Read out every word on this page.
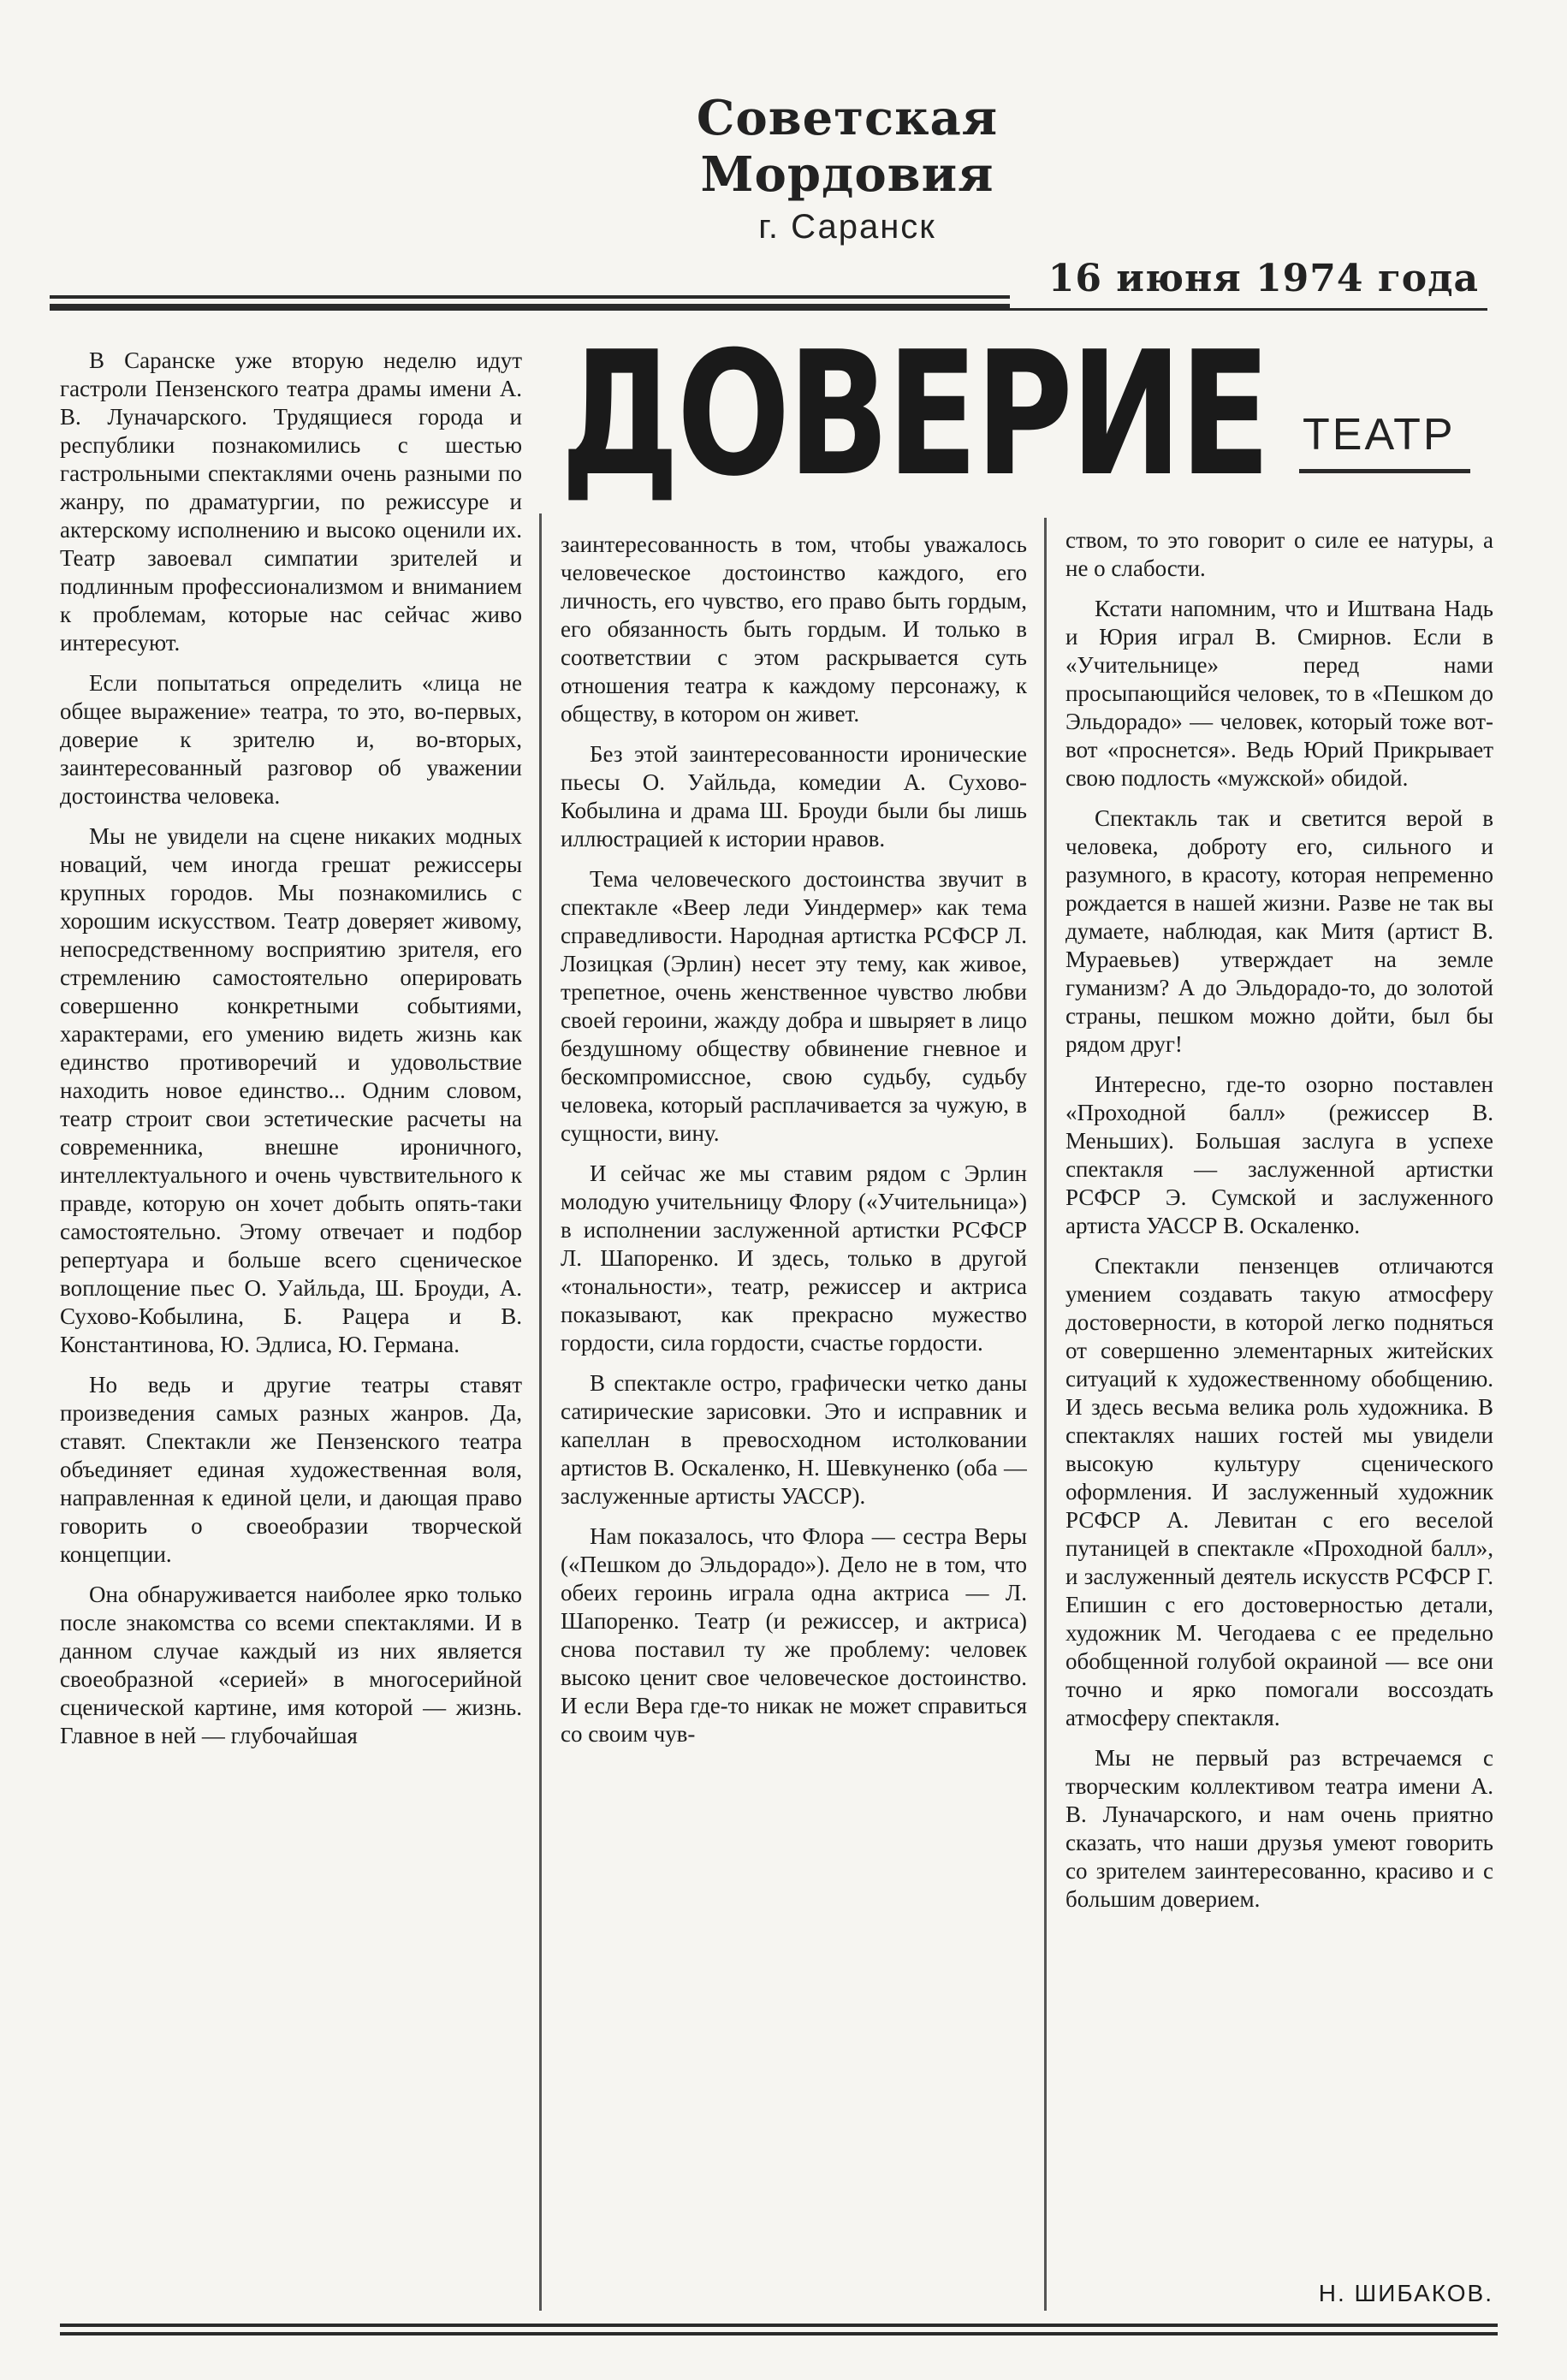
Советская Мордовия
г. Саранск
16 июня 1974 года
ДОВЕРИЕ ТЕАТР

В Саранске уже вторую неделю идут гастроли Пензенского театра драмы имени А. В. Луначарского. Трудящиеся города и республики познакомились с шестью гастрольными спектаклями очень разными по жанру, по драматургии, по режиссуре и актерскому исполнению и высоко оценили их. Театр завоевал симпатии зрителей и подлинным профессионализмом и вниманием к проблемам, которые нас сейчас живо интересуют.

Если попытаться определить «лица не общее выражение» театра, то это, во-первых, доверие к зрителю и, во-вторых, заинтересованный разговор об уважении достоинства человека.

Мы не увидели на сцене никаких модных новаций, чем иногда грешат режиссеры крупных городов. Мы познакомились с хорошим искусством. Театр доверяет живому, непосредственному восприятию зрителя, его стремлению самостоятельно оперировать совершенно конкретными событиями, характерами, его умению видеть жизнь как единство противоречий и удовольствие находить новое единство... Одним словом, театр строит свои эстетические расчеты на современника, внешне ироничного, интеллектуального и очень чувствительного к правде, которую он хочет добыть опять-таки самостоятельно. Этому отвечает и подбор репертуара и больше всего сценическое воплощение пьес О. Уайльда, Ш. Броуди, А. Сухово-Кобылина, Б. Рацера и В. Константинова, Ю. Эдлиса, Ю. Германа.

Но ведь и другие театры ставят произведения самых разных жанров. Да, ставят. Спектакли же Пензенского театра объединяет единая художественная воля, направленная к единой цели, и дающая право говорить о своеобразии творческой концепции.

Она обнаруживается наиболее ярко только после знакомства со всеми спектаклями. И в данном случае каждый из них является своеобразной «серией» в многосерийной сценической картине, имя которой — жизнь. Главное в ней — глубочайшая

заинтересованность в том, чтобы уважалось человеческое достоинство каждого, его личность, его чувство, его право быть гордым, его обязанность быть гордым. И только в соответствии с этом раскрывается суть отношения театра к каждому персонажу, к обществу, в котором он живет.

Без этой заинтересованности иронические пьесы О. Уайльда, комедии А. Сухово-Кобылина и драма Ш. Броуди были бы лишь иллюстрацией к истории нравов.

Тема человеческого достоинства звучит в спектакле «Веер леди Уиндермер» как тема справедливости. Народная артистка РСФСР Л. Лозицкая (Эрлин) несет эту тему, как живое, трепетное, очень женственное чувство любви своей героини, жажду добра и швыряет в лицо бездушному обществу обвинение гневное и бескомпромиссное, свою судьбу, судьбу человека, который расплачивается за чужую, в сущности, вину.

И сейчас же мы ставим рядом с Эрлин молодую учительницу Флору («Учительница») в исполнении заслуженной артистки РСФСР Л. Шапоренко. И здесь, только в другой «тональности», театр, режиссер и актриса показывают, как прекрасно мужество гордости, сила гордости, счастье гордости.

В спектакле остро, графически четко даны сатирические зарисовки. Это и исправник и капеллан в превосходном истолковании артистов В. Оскаленко, Н. Шевкуненко (оба — заслуженные артисты УАССР).

Нам показалось, что Флора — сестра Веры («Пешком до Эльдорадо»). Дело не в том, что обеих героинь играла одна актриса — Л. Шапоренко. Театр (и режиссер, и актриса) снова поставил ту же проблему: человек высоко ценит свое человеческое достоинство. И если Вера где-то никак не может справиться со своим чув-

ством, то это говорит о силе ее натуры, а не о слабости.

Кстати напомним, что и Иштвана Надь и Юрия играл В. Смирнов. Если в «Учительнице» перед нами просыпающийся человек, то в «Пешком до Эльдорадо» — человек, который тоже вот-вот «проснется». Ведь Юрий Прикрывает свою подлость «мужской» обидой.

Спектакль так и светится верой в человека, доброту его, сильного и разумного, в красоту, которая непременно рождается в нашей жизни. Разве не так вы думаете, наблюдая, как Митя (артист В. Мураевьев) утверждает на земле гуманизм? А до Эльдорадо-то, до золотой страны, пешком можно дойти, был бы рядом друг!

Интересно, где-то озорно поставлен «Проходной балл» (режиссер В. Меньших). Большая заслуга в успехе спектакля — заслуженной артистки РСФСР Э. Сумской и заслуженного артиста УАССР В. Оскаленко.

Спектакли пензенцев отличаются умением создавать такую атмосферу достоверности, в которой легко подняться от совершенно элементарных житейских ситуаций к художественному обобщению. И здесь весьма велика роль художника. В спектаклях наших гостей мы увидели высокую культуру сценического оформления. И заслуженный художник РСФСР А. Левитан с его веселой путаницей в спектакле «Проходной балл», и заслуженный деятель искусств РСФСР Г. Епишин с его достоверностью детали, художник М. Чегодаева с ее предельно обобщенной голубой окраиной — все они точно и ярко помогали воссоздать атмосферу спектакля.

Мы не первый раз встречаемся с творческим коллективом театра имени А. В. Луначарского, и нам очень приятно сказать, что наши друзья умеют говорить со зрителем заинтересованно, красиво и с большим доверием.

Н. ШИБАКОВ.
